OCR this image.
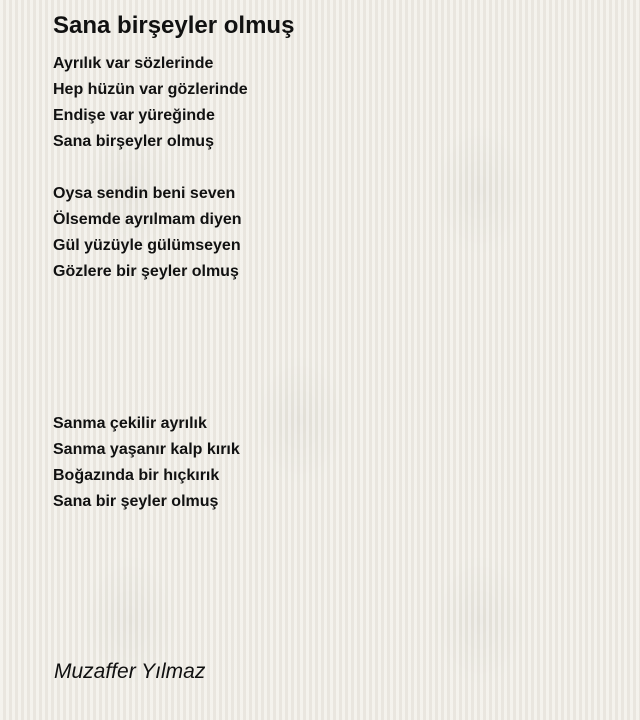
Sana birşeyler olmuş
Ayrılık var sözlerinde
Hep hüzün var gözlerinde
Endişe var yüreğinde
Sana birşeyler olmuş
Oysa sendin beni seven
Ölsemde ayrılmam diyen
Gül yüzüyle gülümseyen
Gözlere bir şeyler olmuş
Sanma çekilir ayrılık
Sanma yaşanır kalp kırık
Boğazında bir hıçkırık
Sana bir şeyler olmuş
Muzaffer Yılmaz
